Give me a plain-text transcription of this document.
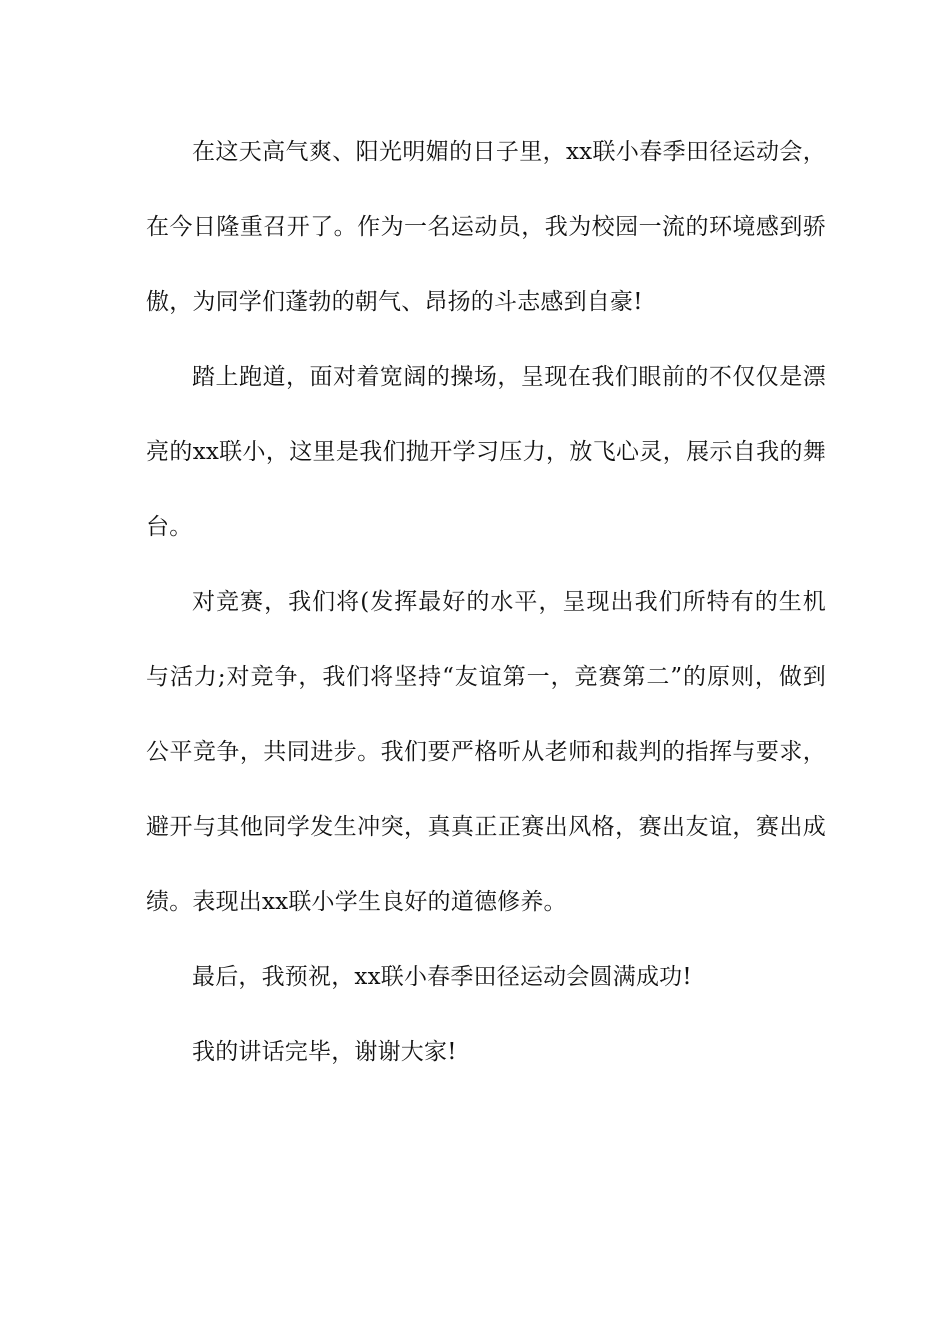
在这天高气爽、阳光明媚的日子里，xx联小春季田径运动会，在今日隆重召开了。作为一名运动员，我为校园一流的环境感到骄傲，为同学们蓬勃的朝气、昂扬的斗志感到自豪!

踏上跑道，面对着宽阔的操场，呈现在我们眼前的不仅仅是漂亮的xx联小，这里是我们抛开学习压力，放飞心灵，展示自我的舞台。

对竞赛，我们将(发挥最好的水平，呈现出我们所特有的生机与活力;对竞争，我们将坚持“友谊第一，竞赛第二”的原则，做到公平竞争，共同进步。我们要严格听从老师和裁判的指挥与要求，避开与其他同学发生冲突，真真正正赛出风格，赛出友谊，赛出成绩。表现出xx联小学生良好的道德修养。

最后，我预祝，xx联小春季田径运动会圆满成功!

我的讲话完毕，谢谢大家!
